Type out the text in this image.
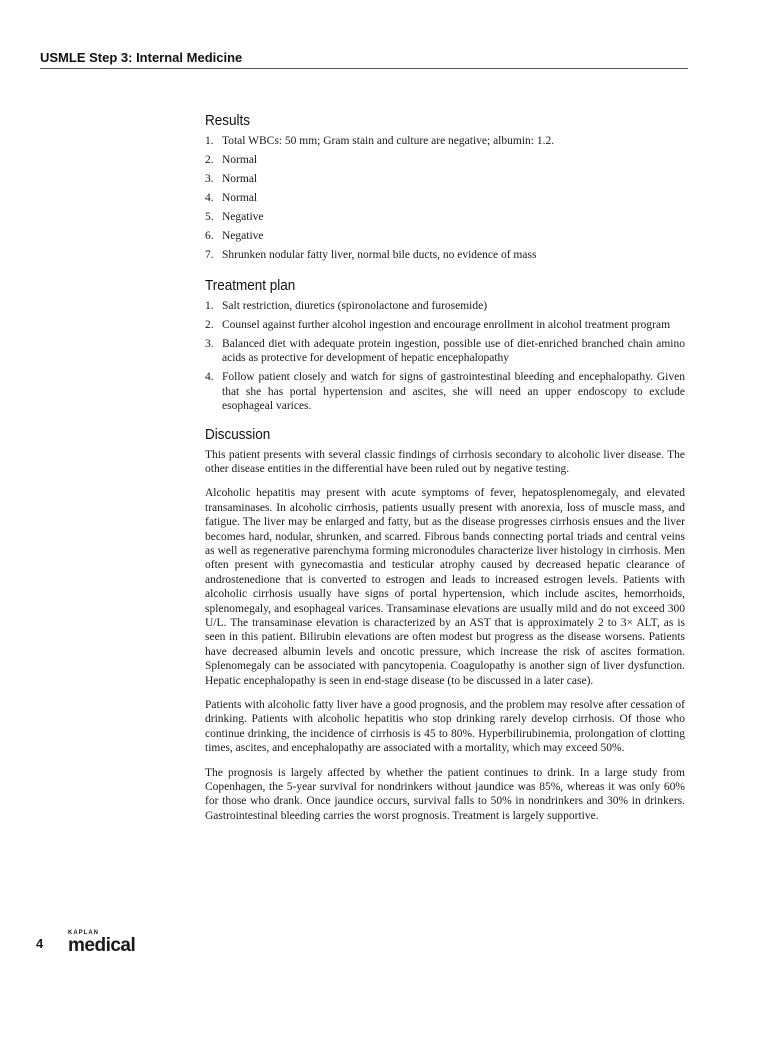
USMLE Step 3: Internal Medicine
Results
1. Total WBCs: 50 mm; Gram stain and culture are negative; albumin: 1.2.
2. Normal
3. Normal
4. Normal
5. Negative
6. Negative
7. Shrunken nodular fatty liver, normal bile ducts, no evidence of mass
Treatment plan
1. Salt restriction, diuretics (spironolactone and furosemide)
2. Counsel against further alcohol ingestion and encourage enrollment in alcohol treatment program
3. Balanced diet with adequate protein ingestion, possible use of diet-enriched branched chain amino acids as protective for development of hepatic encephalopathy
4. Follow patient closely and watch for signs of gastrointestinal bleeding and encephalopathy. Given that she has portal hypertension and ascites, she will need an upper endoscopy to exclude esophageal varices.
Discussion

This patient presents with several classic findings of cirrhosis secondary to alcoholic liver disease. The other disease entities in the differential have been ruled out by negative testing.

Alcoholic hepatitis may present with acute symptoms of fever, hepatosplenomegaly, and elevated transaminases. In alcoholic cirrhosis, patients usually present with anorexia, loss of muscle mass, and fatigue. The liver may be enlarged and fatty, but as the disease progresses cirrhosis ensues and the liver becomes hard, nodular, shrunken, and scarred. Fibrous bands connecting portal triads and central veins as well as regenerative parenchyma forming micronodules characterize liver histology in cirrhosis. Men often present with gynecomastia and testicular atrophy caused by decreased hepatic clearance of androstenedione that is converted to estrogen and leads to increased estrogen levels. Patients with alcoholic cirrhosis usually have signs of portal hypertension, which include ascites, hemorrhoids, splenomegaly, and esophageal varices. Transaminase elevations are usually mild and do not exceed 300 U/L. The transaminase elevation is characterized by an AST that is approximately 2 to 3× ALT, as is seen in this patient. Bilirubin elevations are often modest but progress as the disease worsens. Patients have decreased albumin levels and oncotic pressure, which increase the risk of ascites formation. Splenomegaly can be associated with pancytopenia. Coagulopathy is another sign of liver dysfunction. Hepatic encephalopathy is seen in end-stage disease (to be discussed in a later case).

Patients with alcoholic fatty liver have a good prognosis, and the problem may resolve after cessation of drinking. Patients with alcoholic hepatitis who stop drinking rarely develop cirrhosis. Of those who continue drinking, the incidence of cirrhosis is 45 to 80%. Hyperbilirubinemia, prolongation of clotting times, ascites, and encephalopathy are associated with a mortality, which may exceed 50%.

The prognosis is largely affected by whether the patient continues to drink. In a large study from Copenhagen, the 5-year survival for nondrinkers without jaundice was 85%, whereas it was only 60% for those who drank. Once jaundice occurs, survival falls to 50% in nondrinkers and 30% in drinkers. Gastrointestinal bleeding carries the worst prognosis. Treatment is largely supportive.

4
KAPLAN
medical
